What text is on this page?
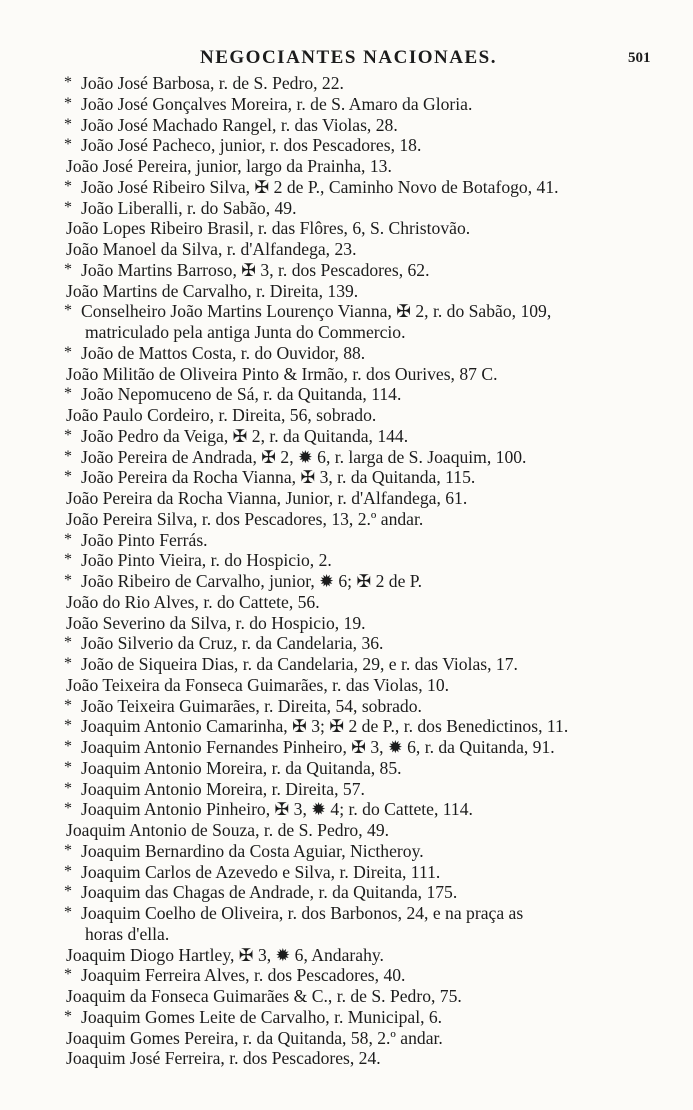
NEGOCIANTES NACIONAES.	501
* João José Barbosa, r. de S. Pedro, 22.
* João José Gonçalves Moreira, r. de S. Amaro da Gloria.
* João José Machado Rangel, r. das Violas, 28.
* João José Pacheco, junior, r. dos Pescadores, 18.
João José Pereira, junior, largo da Prainha, 13.
* João José Ribeiro Silva, ✠ 2 de P., Caminho Novo de Botafogo, 41.
* João Liberalli, r. do Sabão, 49.
João Lopes Ribeiro Brasil, r. das Flôres, 6, S. Christovão.
João Manoel da Silva, r. d'Alfandega, 23.
* João Martins Barroso, ✠ 3, r. dos Pescadores, 62.
João Martins de Carvalho, r. Direita, 139.
* Conselheiro João Martins Lourenço Vianna, ✠ 2, r. do Sabão, 109,
matriculado pela antiga Junta do Commercio.
* João de Mattos Costa, r. do Ouvidor, 88.
João Militão de Oliveira Pinto & Irmão, r. dos Ourives, 87 C.
* João Nepomuceno de Sá, r. da Quitanda, 114.
João Paulo Cordeiro, r. Direita, 56, sobrado.
* João Pedro da Veiga, ✠ 2, r. da Quitanda, 144.
* João Pereira de Andrada, ✠ 2, ✹ 6, r. larga de S. Joaquim, 100.
* João Pereira da Rocha Vianna, ✠ 3, r. da Quitanda, 115.
João Pereira da Rocha Vianna, Junior, r. d'Alfandega, 61.
João Pereira Silva, r. dos Pescadores, 13, 2.º andar.
* João Pinto Ferrás.
* João Pinto Vieira, r. do Hospicio, 2.
* João Ribeiro de Carvalho, junior, ✹ 6; ✠ 2 de P.
João do Rio Alves, r. do Cattete, 56.
João Severino da Silva, r. do Hospicio, 19.
* João Silverio da Cruz, r. da Candelaria, 36.
* João de Siqueira Dias, r. da Candelaria, 29, e r. das Violas, 17.
João Teixeira da Fonseca Guimarães, r. das Violas, 10.
* João Teixeira Guimarães, r. Direita, 54, sobrado.
* Joaquim Antonio Camarinha, ✠ 3; ✠ 2 de P., r. dos Benedictinos, 11.
* Joaquim Antonio Fernandes Pinheiro, ✠ 3, ✹ 6, r. da Quitanda, 91.
* Joaquim Antonio Moreira, r. da Quitanda, 85.
* Joaquim Antonio Moreira, r. Direita, 57.
* Joaquim Antonio Pinheiro, ✠ 3, ✹ 4; r. do Cattete, 114.
Joaquim Antonio de Souza, r. de S. Pedro, 49.
* Joaquim Bernardino da Costa Aguiar, Nictheroy.
* Joaquim Carlos de Azevedo e Silva, r. Direita, 111.
* Joaquim das Chagas de Andrade, r. da Quitanda, 175.
* Joaquim Coelho de Oliveira, r. dos Barbonos, 24, e na praça as
horas d'ella.
Joaquim Diogo Hartley, ✠ 3, ✹ 6, Andarahy.
* Joaquim Ferreira Alves, r. dos Pescadores, 40.
Joaquim da Fonseca Guimarães & C., r. de S. Pedro, 75.
* Joaquim Gomes Leite de Carvalho, r. Municipal, 6.
Joaquim Gomes Pereira, r. da Quitanda, 58, 2.º andar.
Joaquim José Ferreira, r. dos Pescadores, 24.
